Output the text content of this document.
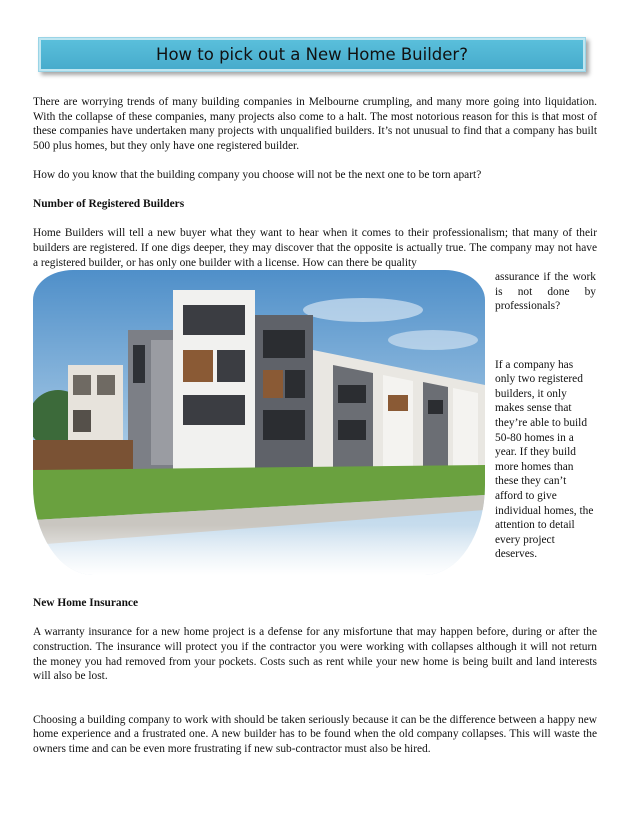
How to pick out a New Home Builder?

There are worrying trends of many building companies in Melbourne crumpling, and many more going into liquidation. With the collapse of these companies, many projects also come to a halt. The most notorious reason for this is that most of these companies have undertaken many projects with unqualified builders. It’s not unusual to find that a company has built 500 plus homes, but they only have one registered builder.

How do you know that the building company you choose will not be the next one to be torn apart?

Number of Registered Builders

Home Builders will tell a new buyer what they want to hear when it comes to their professionalism; that many of their builders are registered. If one digs deeper, they may discover that the opposite is actually true. The company may not have a registered builder, or has only one builder with a license. How can there be quality

assurance if the work is not done by professionals?

If a company has only two registered builders, it only makes sense that they’re able to build 50-80 homes in a year. If they build more homes than these they can’t afford to give individual homes, the attention to detail every project deserves.

New Home Insurance

A warranty insurance for a new home project is a defense for any misfortune that may happen before, during or after the construction. The insurance will protect you if the contractor you were working with collapses although it will not return the money you had removed from your pockets. Costs such as rent while your new home is being built and land interests will also be lost.

Choosing a building company to work with should be taken seriously because it can be the difference between a happy new home experience and a frustrated one. A new builder has to be found when the old company collapses. This will waste the owners time and can be even more frustrating if new sub-contractor must also be hired.
